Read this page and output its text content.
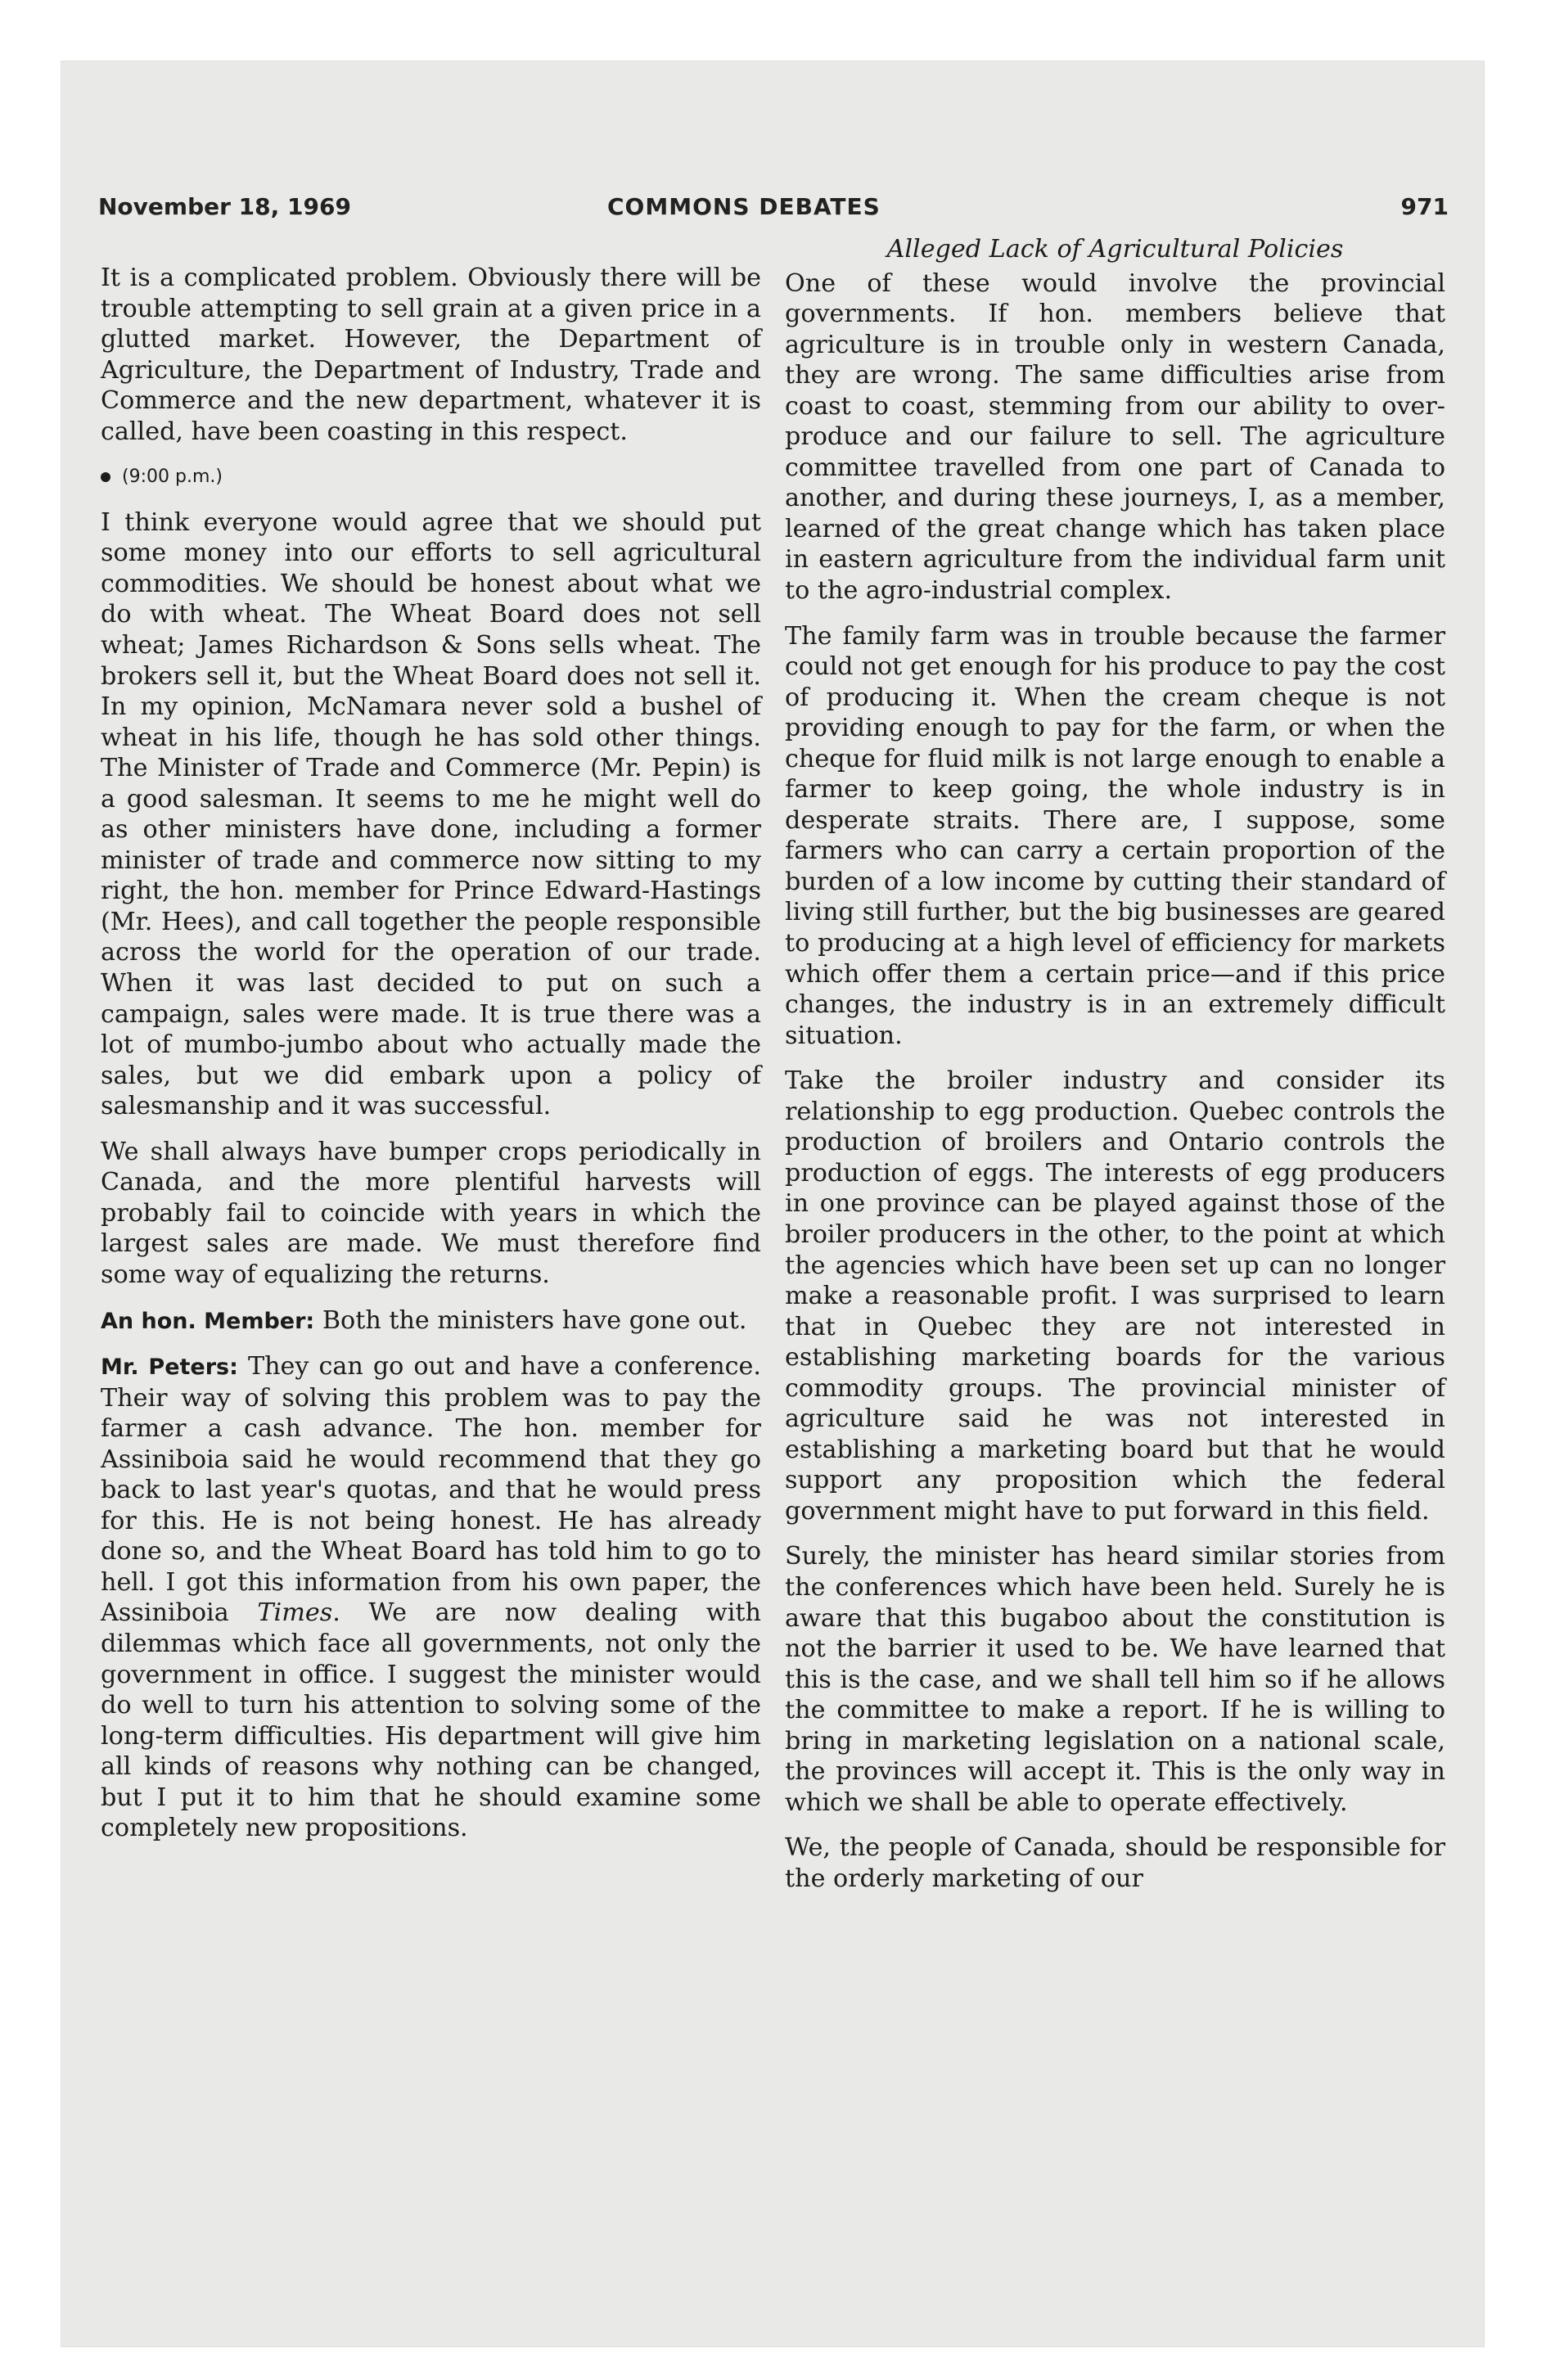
November 18, 1969	COMMONS DEBATES	971

It is a complicated problem. Obviously there will be trouble attempting to sell grain at a given price in a glutted market. However, the Department of Agriculture, the Department of Industry, Trade and Commerce and the new department, whatever it is called, have been coasting in this respect.

(9:00 p.m.)

I think everyone would agree that we should put some money into our efforts to sell agricultural commodities. We should be honest about what we do with wheat. The Wheat Board does not sell wheat; James Richardson & Sons sells wheat. The brokers sell it, but the Wheat Board does not sell it. In my opinion, McNamara never sold a bushel of wheat in his life, though he has sold other things. The Minister of Trade and Commerce (Mr. Pepin) is a good salesman. It seems to me he might well do as other ministers have done, including a former minister of trade and commerce now sitting to my right, the hon. member for Prince Edward-Hastings (Mr. Hees), and call together the people responsible across the world for the operation of our trade. When it was last decided to put on such a campaign, sales were made. It is true there was a lot of mumbo-jumbo about who actually made the sales, but we did embark upon a policy of salesmanship and it was successful.

We shall always have bumper crops periodically in Canada, and the more plentiful harvests will probably fail to coincide with years in which the largest sales are made. We must therefore find some way of equalizing the returns.

An hon. Member: Both the ministers have gone out.

Mr. Peters: They can go out and have a conference. Their way of solving this problem was to pay the farmer a cash advance. The hon. member for Assiniboia said he would recommend that they go back to last year's quotas, and that he would press for this. He is not being honest. He has already done so, and the Wheat Board has told him to go to hell. I got this information from his own paper, the Assiniboia Times. We are now dealing with dilemmas which face all governments, not only the government in office. I suggest the minister would do well to turn his attention to solving some of the long-term difficulties. His department will give him all kinds of reasons why nothing can be changed, but I put it to him that he should examine some completely new propositions.

Alleged Lack of Agricultural Policies

One of these would involve the provincial governments. If hon. members believe that agriculture is in trouble only in western Canada, they are wrong. The same difficulties arise from coast to coast, stemming from our ability to over-produce and our failure to sell. The agriculture committee travelled from one part of Canada to another, and during these journeys, I, as a member, learned of the great change which has taken place in eastern agriculture from the individual farm unit to the agro-industrial complex.

The family farm was in trouble because the farmer could not get enough for his produce to pay the cost of producing it. When the cream cheque is not providing enough to pay for the farm, or when the cheque for fluid milk is not large enough to enable a farmer to keep going, the whole industry is in desperate straits. There are, I suppose, some farmers who can carry a certain proportion of the burden of a low income by cutting their standard of living still further, but the big businesses are geared to producing at a high level of efficiency for markets which offer them a certain price—and if this price changes, the industry is in an extremely difficult situation.

Take the broiler industry and consider its relationship to egg production. Quebec controls the production of broilers and Ontario controls the production of eggs. The interests of egg producers in one province can be played against those of the broiler producers in the other, to the point at which the agencies which have been set up can no longer make a reasonable profit. I was surprised to learn that in Quebec they are not interested in establishing marketing boards for the various commodity groups. The provincial minister of agriculture said he was not interested in establishing a marketing board but that he would support any proposition which the federal government might have to put forward in this field.

Surely, the minister has heard similar stories from the conferences which have been held. Surely he is aware that this bugaboo about the constitution is not the barrier it used to be. We have learned that this is the case, and we shall tell him so if he allows the committee to make a report. If he is willing to bring in marketing legislation on a national scale, the provinces will accept it. This is the only way in which we shall be able to operate effectively.

We, the people of Canada, should be responsible for the orderly marketing of our
